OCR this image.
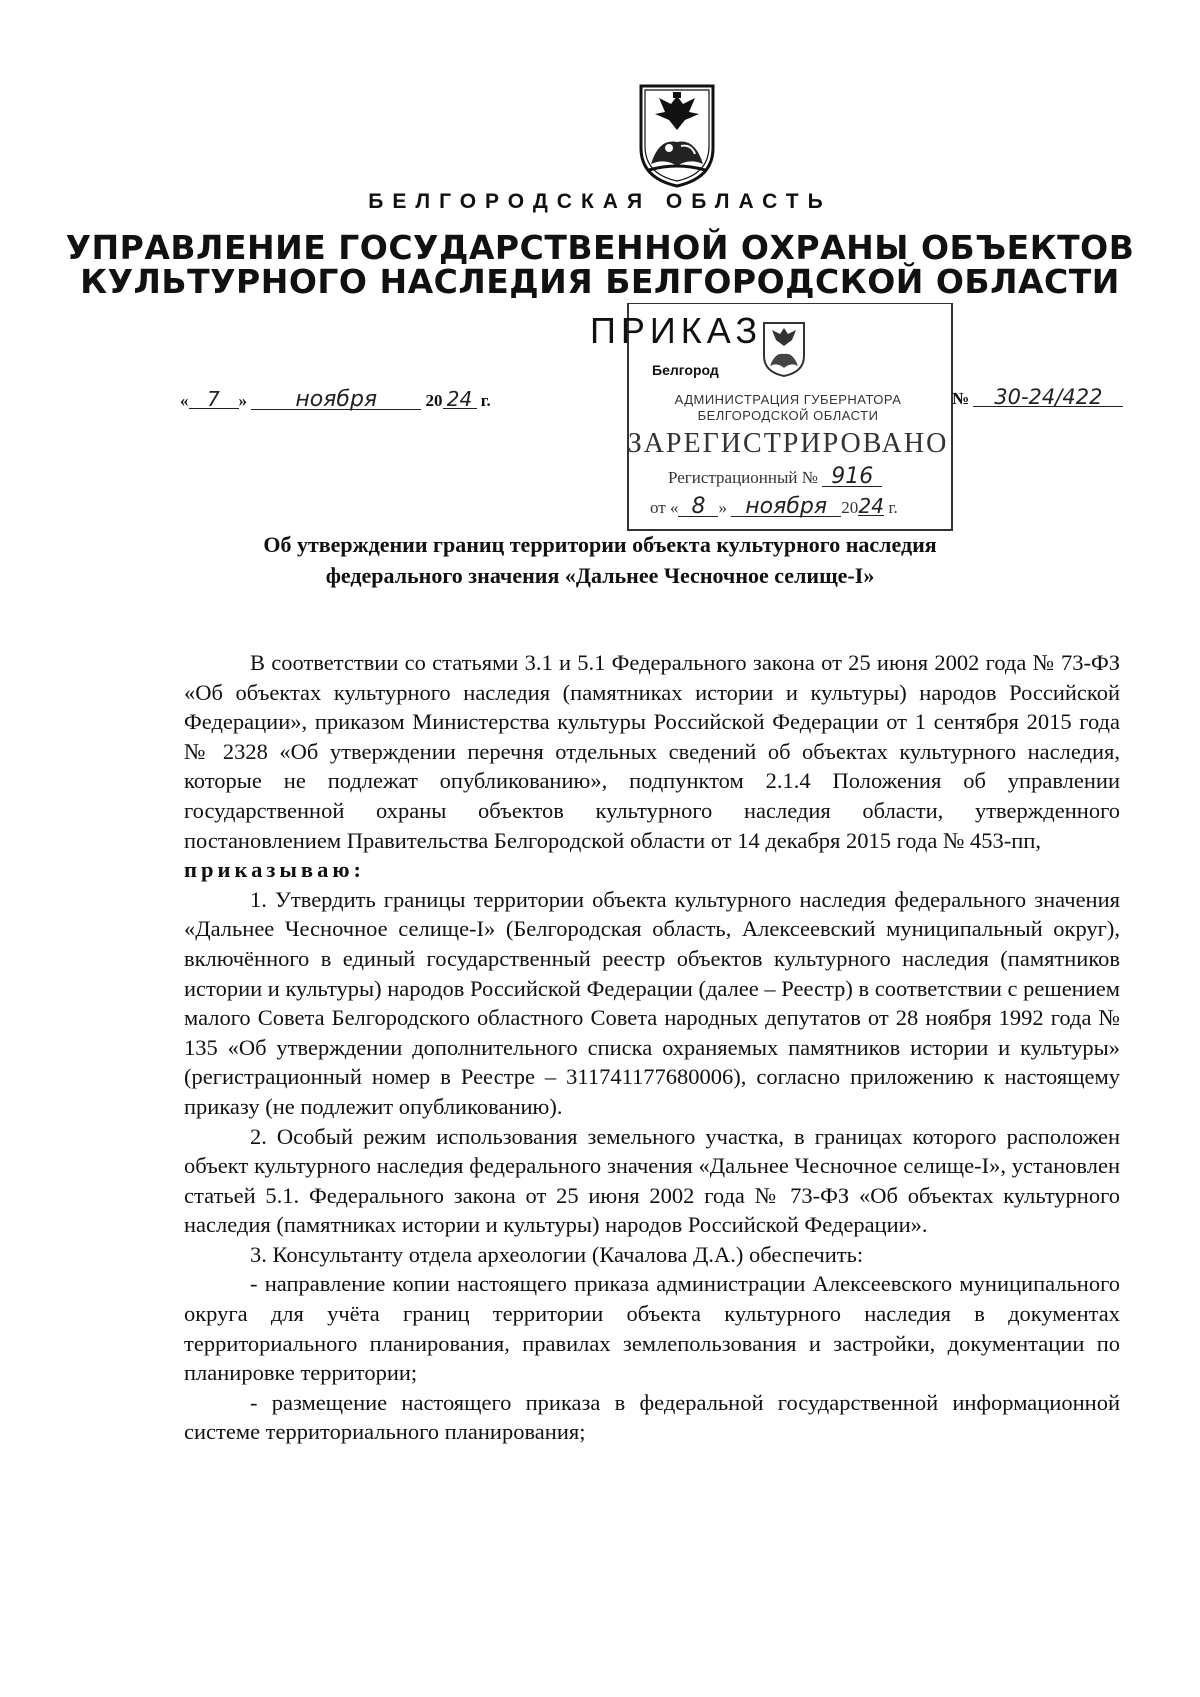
БЕЛГОРОДСКАЯ ОБЛАСТЬ
УПРАВЛЕНИЕ ГОСУДАРСТВЕННОЙ ОХРАНЫ ОБЪЕКТОВ
КУЛЬТУРНОГО НАСЛЕДИЯ БЕЛГОРОДСКОЙ ОБЛАСТИ
ПРИКАЗ
Белгород
АДМИНИСТРАЦИЯ ГУБЕРНАТОРА
БЕЛГОРОДСКОЙ ОБЛАСТИ
ЗАРЕГИСТРИРОВАНО
Регистрационный № 916
от « 8 » ноября 2024 г.
« 7 » ноября	20 24 г.	№ 30-24/422
Об утверждении границ территории объекта культурного наследия
федерального значения «Дальнее Чесночное селище-I»

В соответствии со статьями 3.1 и 5.1 Федерального закона от 25 июня 2002 года № 73-ФЗ «Об объектах культурного наследия (памятниках истории и культуры) народов Российской Федерации», приказом Министерства культуры Российской Федерации от 1 сентября 2015 года № 2328 «Об утверждении перечня отдельных сведений об объектах культурного наследия, которые не подлежат опубликованию», подпунктом 2.1.4 Положения об управлении государственной охраны объектов культурного наследия области, утвержденного постановлением Правительства Белгородской области от 14 декабря 2015 года № 453-пп,

приказываю:

1. Утвердить границы территории объекта культурного наследия федерального значения «Дальнее Чесночное селище-I» (Белгородская область, Алексеевский муниципальный округ), включённого в единый государственный реестр объектов культурного наследия (памятников истории и культуры) народов Российской Федерации (далее – Реестр) в соответствии с решением малого Совета Белгородского областного Совета народных депутатов от 28 ноября 1992 года № 135 «Об утверждении дополнительного списка охраняемых памятников истории и культуры» (регистрационный номер в Реестре – 311741177680006), согласно приложению к настоящему приказу (не подлежит опубликованию).

2. Особый режим использования земельного участка, в границах которого расположен объект культурного наследия федерального значения «Дальнее Чесночное селище-I», установлен статьей 5.1. Федерального закона от 25 июня 2002 года № 73-ФЗ «Об объектах культурного наследия (памятниках истории и культуры) народов Российской Федерации».

3. Консультанту отдела археологии (Качалова Д.А.) обеспечить:

- направление копии настоящего приказа администрации Алексеевского муниципального округа для учёта границ территории объекта культурного наследия в документах территориального планирования, правилах землепользования и застройки, документации по планировке территории;

- размещение настоящего приказа в федеральной государственной информационной системе территориального планирования;
